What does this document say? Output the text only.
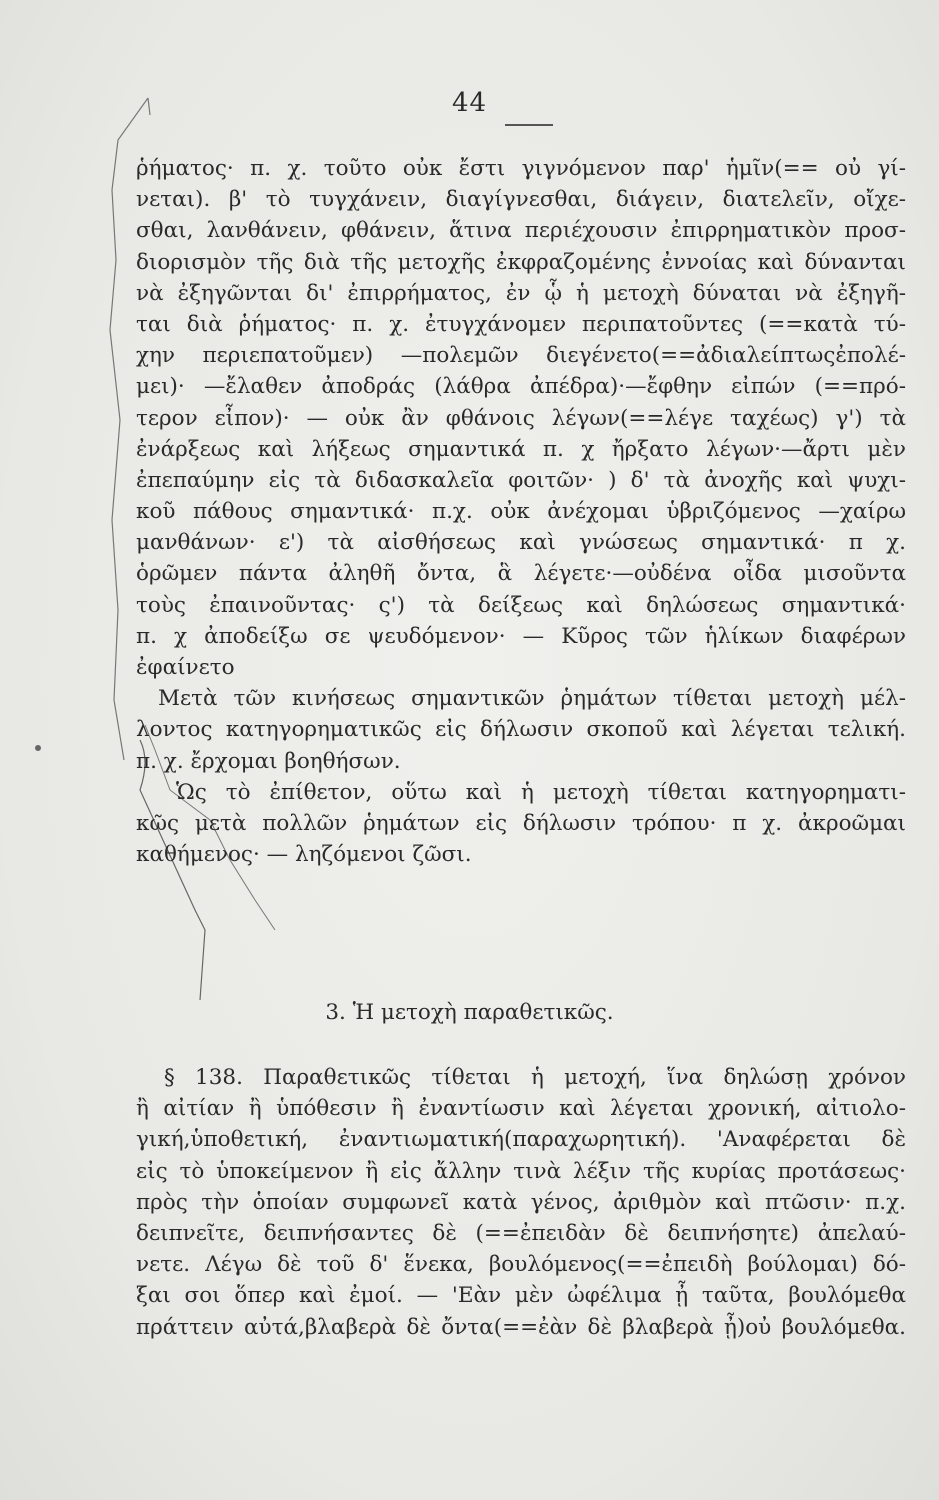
44
ῥήματος· π. χ. τοῦτο οὐκ ἔστι γιγνόμενον παρ' ἡμῖν(== οὐ γί-
νεται). β' τὸ τυγχάνειν, διαγίγνεσθαι, διάγειν, διατελεῖν, οἴχε-
σθαι, λανθάνειν, φθάνειν, ἅτινα περιέχουσιν ἐπιρρηματικὸν προσ-
διορισμὸν τῆς διὰ τῆς μετοχῆς ἐκφραζομένης ἐννοίας καὶ δύνανται
νὰ ἐξηγῶνται δι' ἐπιρρήματος, ἐν ᾧ ἡ μετοχὴ δύναται νὰ ἐξηγῆ-
ται διὰ ῥήματος· π. χ. ἐτυγχάνομεν περιπατοῦντες (==κατὰ τύ-
χην περιεπατοῦμεν) —πολεμῶν διεγένετο(==ἀδιαλείπτωςἐπολέ-
μει)· —ἔλαθεν ἀποδράς (λάθρα ἀπέδρα)·—ἔφθην εἰπών (==πρό-
τερον εἶπον)· — οὐκ ἂν φθάνοις λέγων(==λέγε ταχέως) γ') τὰ
ἐνάρξεως καὶ λήξεως σημαντικά π. χ ἤρξατο λέγων·—ἄρτι μὲν
ἐπεπαύμην εἰς τὰ διδασκαλεῖα φοιτῶν· ) δ' τὰ ἀνοχῆς καὶ ψυχι-
κοῦ πάθους σημαντικά· π.χ. οὐκ ἀνέχομαι ὑβριζόμενος —χαίρω
μανθάνων· ε') τὰ αἰσθήσεως καὶ γνώσεως σημαντικά· π χ.
ὁρῶμεν πάντα ἀληθῆ ὄντα, ἃ λέγετε·—οὐδένα οἶδα μισοῦντα
τοὺς ἐπαινοῦντας· ς') τὰ δείξεως καὶ δηλώσεως σημαντικά·
π. χ ἀποδείξω σε ψευδόμενον· — Κῦρος τῶν ἡλίκων διαφέρων
ἐφαίνετο
Μετὰ τῶν κινήσεως σημαντικῶν ῥημάτων τίθεται μετοχὴ μέλ-
λοντος κατηγορηματικῶς εἰς δήλωσιν σκοποῦ καὶ λέγεται τελική.
π. χ. ἔρχομαι βοηθήσων.
Ὡς τὸ ἐπίθετον, οὕτω καὶ ἡ μετοχὴ τίθεται κατηγορηματι-
κῶς μετὰ πολλῶν ῥημάτων εἰς δήλωσιν τρόπου· π χ. ἀκροῶμαι
καθήμενος· — ληζόμενοι ζῶσι.
3. Ἡ μετοχὴ παραθετικῶς.
§ 138. Παραθετικῶς τίθεται ἡ μετοχή, ἵνα δηλώσῃ χρόνον
ἢ αἰτίαν ἢ ὑπόθεσιν ἢ ἐναντίωσιν καὶ λέγεται χρονική, αἰτιολο-
γική,ὑποθετική, ἐναντιωματική(παραχωρητική). 'Αναφέρεται δὲ
εἰς τὸ ὑποκείμενον ἢ εἰς ἄλλην τινὰ λέξιν τῆς κυρίας προτάσεως·
πρὸς τὴν ὁποίαν συμφωνεῖ κατὰ γένος, ἀριθμὸν καὶ πτῶσιν· π.χ.
δειπνεῖτε, δειπνήσαντες δὲ (==ἐπειδὰν δὲ δειπνήσητε) ἀπελαύ-
νετε. Λέγω δὲ τοῦ δ' ἕνεκα, βουλόμενος(==ἐπειδὴ βούλομαι) δό-
ξαι σοι ὅπερ καὶ ἐμοί. — 'Εὰν μὲν ὠφέλιμα ᾖ ταῦτα, βουλόμεθα
πράττειν αὐτά,βλαβερὰ δὲ ὄντα(==ἐὰν δὲ βλαβερὰ ᾖ)οὐ βουλόμεθα.
